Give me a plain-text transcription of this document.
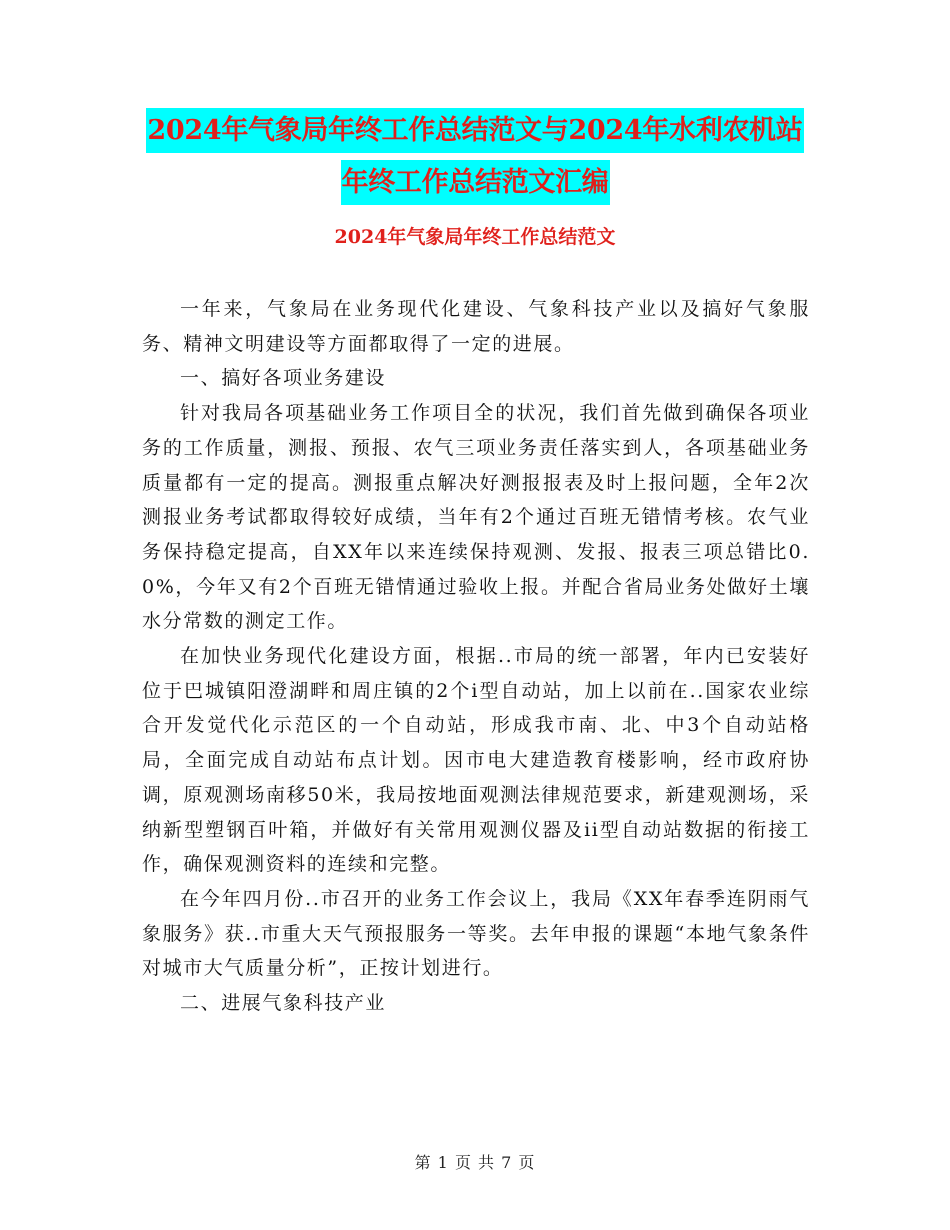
2024年气象局年终工作总结范文与2024年水利农机站
年终工作总结范文汇编
2024年气象局年终工作总结范文

一年来，气象局在业务现代化建设、气象科技产业以及搞好气象服务、精神文明建设等方面都取得了一定的进展。

一、搞好各项业务建设

针对我局各项基础业务工作项目全的状况，我们首先做到确保各项业务的工作质量，测报、预报、农气三项业务责任落实到人，各项基础业务质量都有一定的提高。测报重点解决好测报报表及时上报问题，全年2次测报业务考试都取得较好成绩，当年有2个通过百班无错情考核。农气业务保持稳定提高，自XX年以来连续保持观测、发报、报表三项总错比0.0%，今年又有2个百班无错情通过验收上报。并配合省局业务处做好土壤水分常数的测定工作。

在加快业务现代化建设方面，根据..市局的统一部署，年内已安装好位于巴城镇阳澄湖畔和周庄镇的2个i型自动站，加上以前在..国家农业综合开发觉代化示范区的一个自动站，形成我市南、北、中3个自动站格局，全面完成自动站布点计划。因市电大建造教育楼影响，经市政府协调，原观测场南移50米，我局按地面观测法律规范要求，新建观测场，采纳新型塑钢百叶箱，并做好有关常用观测仪器及ii型自动站数据的衔接工作，确保观测资料的连续和完整。

在今年四月份..市召开的业务工作会议上，我局《XX年春季连阴雨气象服务》获..市重大天气预报服务一等奖。去年申报的课题“本地气象条件对城市大气质量分析”，正按计划进行。

二、进展气象科技产业

第 1 页 共 7 页
